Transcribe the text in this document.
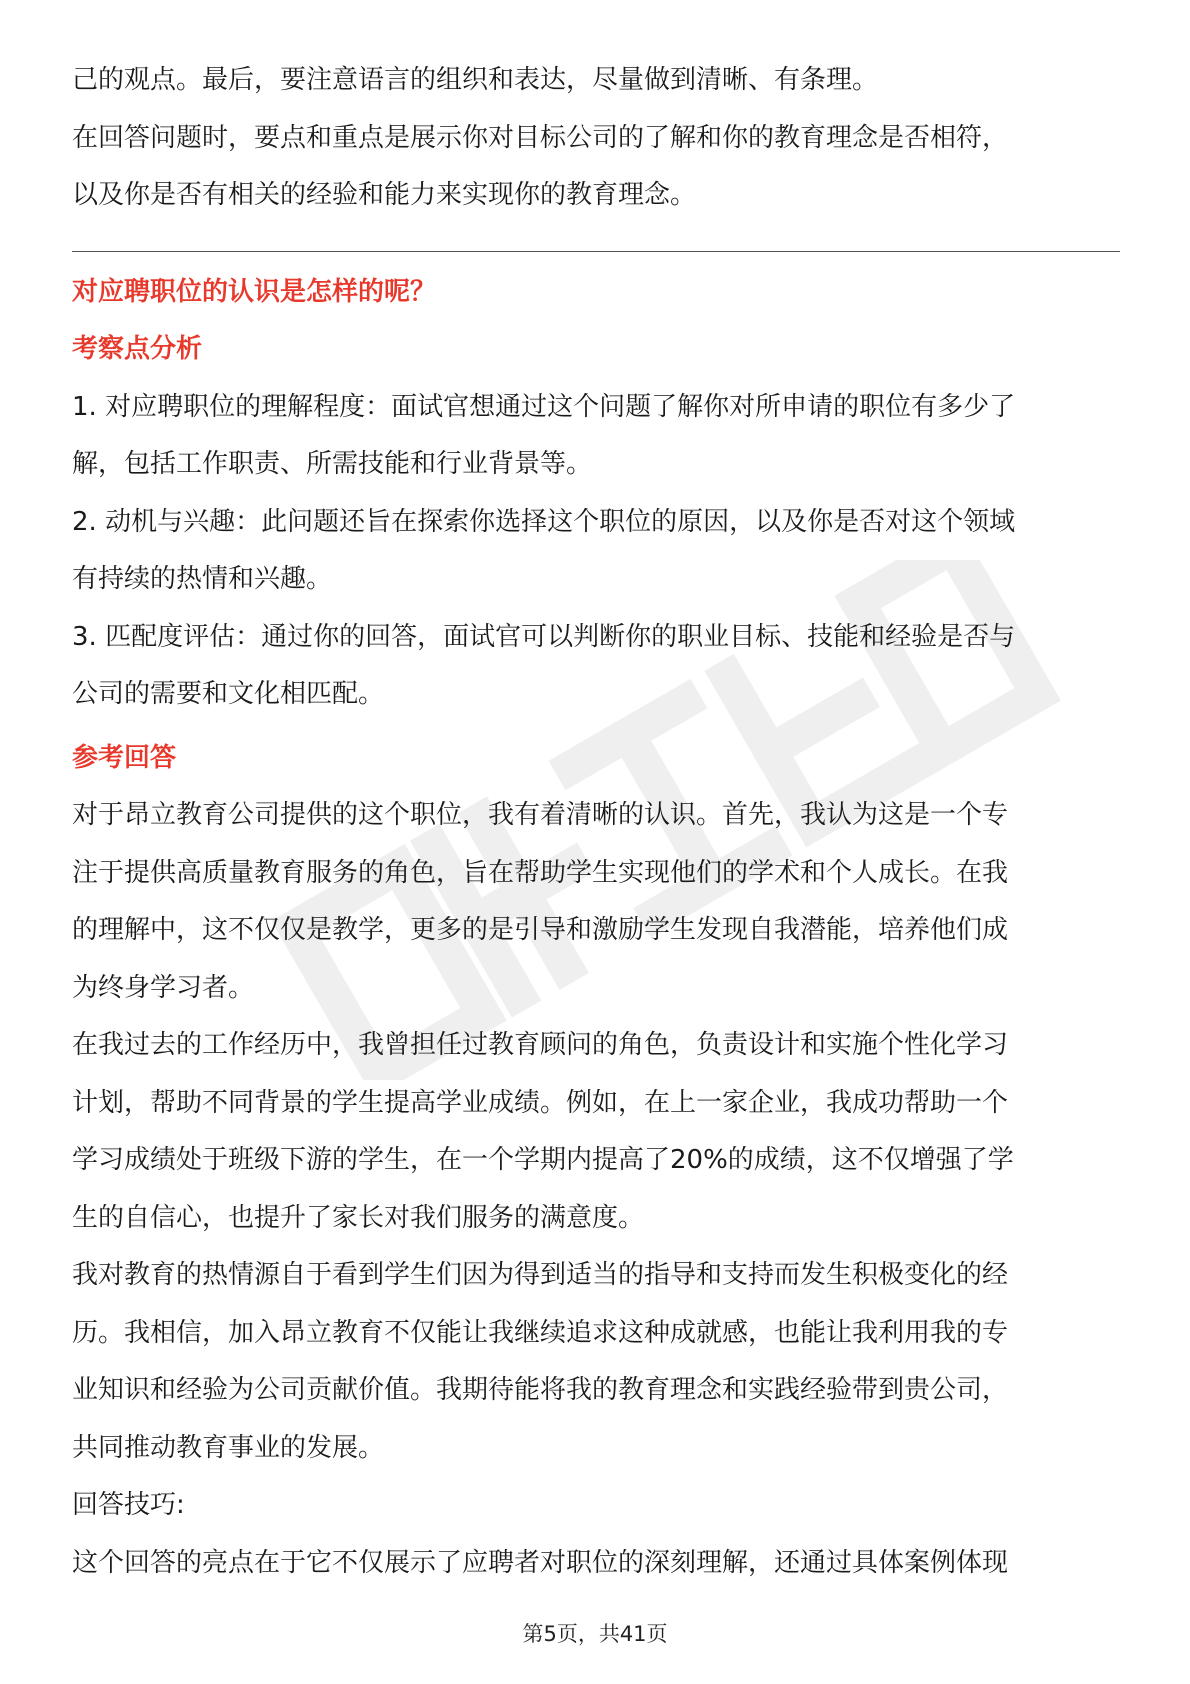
己的观点。最后，要注意语言的组织和表达，尽量做到清晰、有条理。
在回答问题时，要点和重点是展示你对目标公司的了解和你的教育理念是否相符，
以及你是否有相关的经验和能力来实现你的教育理念。
对应聘职位的认识是怎样的呢？
考察点分析
1. 对应聘职位的理解程度：面试官想通过这个问题了解你对所申请的职位有多少了
解，包括工作职责、所需技能和行业背景等。
2. 动机与兴趣：此问题还旨在探索你选择这个职位的原因，以及你是否对这个领域
有持续的热情和兴趣。
3. 匹配度评估：通过你的回答，面试官可以判断你的职业目标、技能和经验是否与
公司的需要和文化相匹配。
参考回答
对于昂立教育公司提供的这个职位，我有着清晰的认识。首先，我认为这是一个专
注于提供高质量教育服务的角色，旨在帮助学生实现他们的学术和个人成长。在我
的理解中，这不仅仅是教学，更多的是引导和激励学生发现自我潜能，培养他们成
为终身学习者。
在我过去的工作经历中，我曾担任过教育顾问的角色，负责设计和实施个性化学习
计划，帮助不同背景的学生提高学业成绩。例如，在上一家企业，我成功帮助一个
学习成绩处于班级下游的学生，在一个学期内提高了20%的成绩，这不仅增强了学
生的自信心，也提升了家长对我们服务的满意度。
我对教育的热情源自于看到学生们因为得到适当的指导和支持而发生积极变化的经
历。我相信，加入昂立教育不仅能让我继续追求这种成就感，也能让我利用我的专
业知识和经验为公司贡献价值。我期待能将我的教育理念和实践经验带到贵公司，
共同推动教育事业的发展。
回答技巧:
这个回答的亮点在于它不仅展示了应聘者对职位的深刻理解，还通过具体案例体现
第5页，共41页
